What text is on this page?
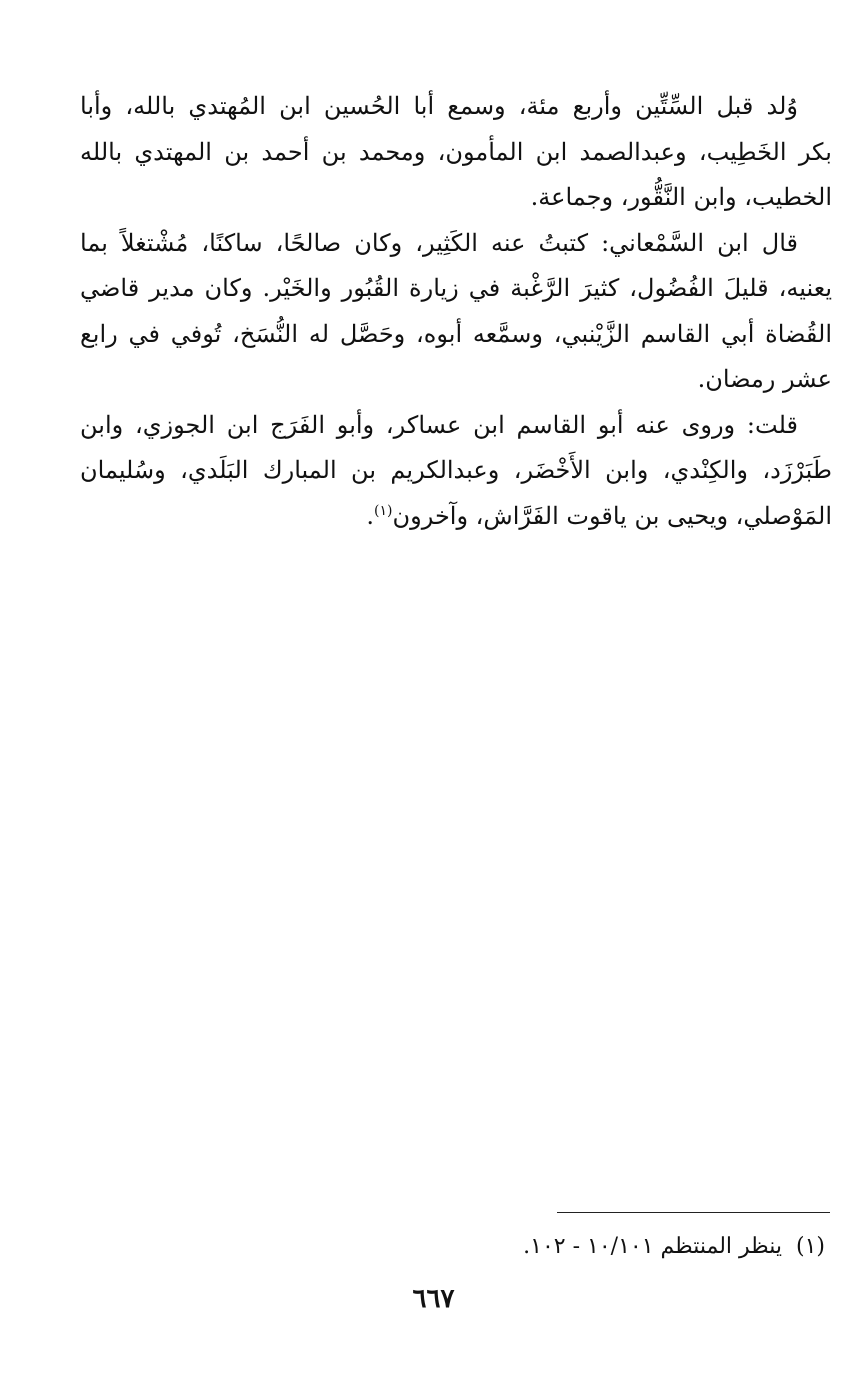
وُلد قبل السِّتِّين وأربع مئة، وسمع أبا الحُسين ابن المُهتدي بالله، وأبا
بكر الخَطِيب، وعبدالصمد ابن المأمون، ومحمد بن أحمد بن المهتدي بالله
الخطيب، وابن النَّقُّور، وجماعة.

قال ابن السَّمْعاني: كتبتُ عنه الكَثِير، وكان صالحًا، ساكنًا، مُشْتغلاً بما
يعنيه، قليلَ الفُضُول، كثيرَ الرَّغْبة في زيارة القُبُور والخَيْر. وكان مدير قاضي
القُضاة أبي القاسم الزَّيْنبي، وسمَّعه أبوه، وحَصَّل له النُّسَخ، تُوفي في رابع
عشر رمضان.

قلت: وروى عنه أبو القاسم ابن عساكر، وأبو الفَرَج ابن الجوزي، وابن
طَبَرْزَد، والكِنْدي، وابن الأَخْضَر، وعبدالكريم بن المبارك البَلَدي، وسُليمان
المَوْصلي، ويحيى بن ياقوت الفَرَّاش، وآخرون$^{(١)}$.

(١)ينظر المنتظم ١٠/١٠١ - ١٠٢.
٦٦٧
